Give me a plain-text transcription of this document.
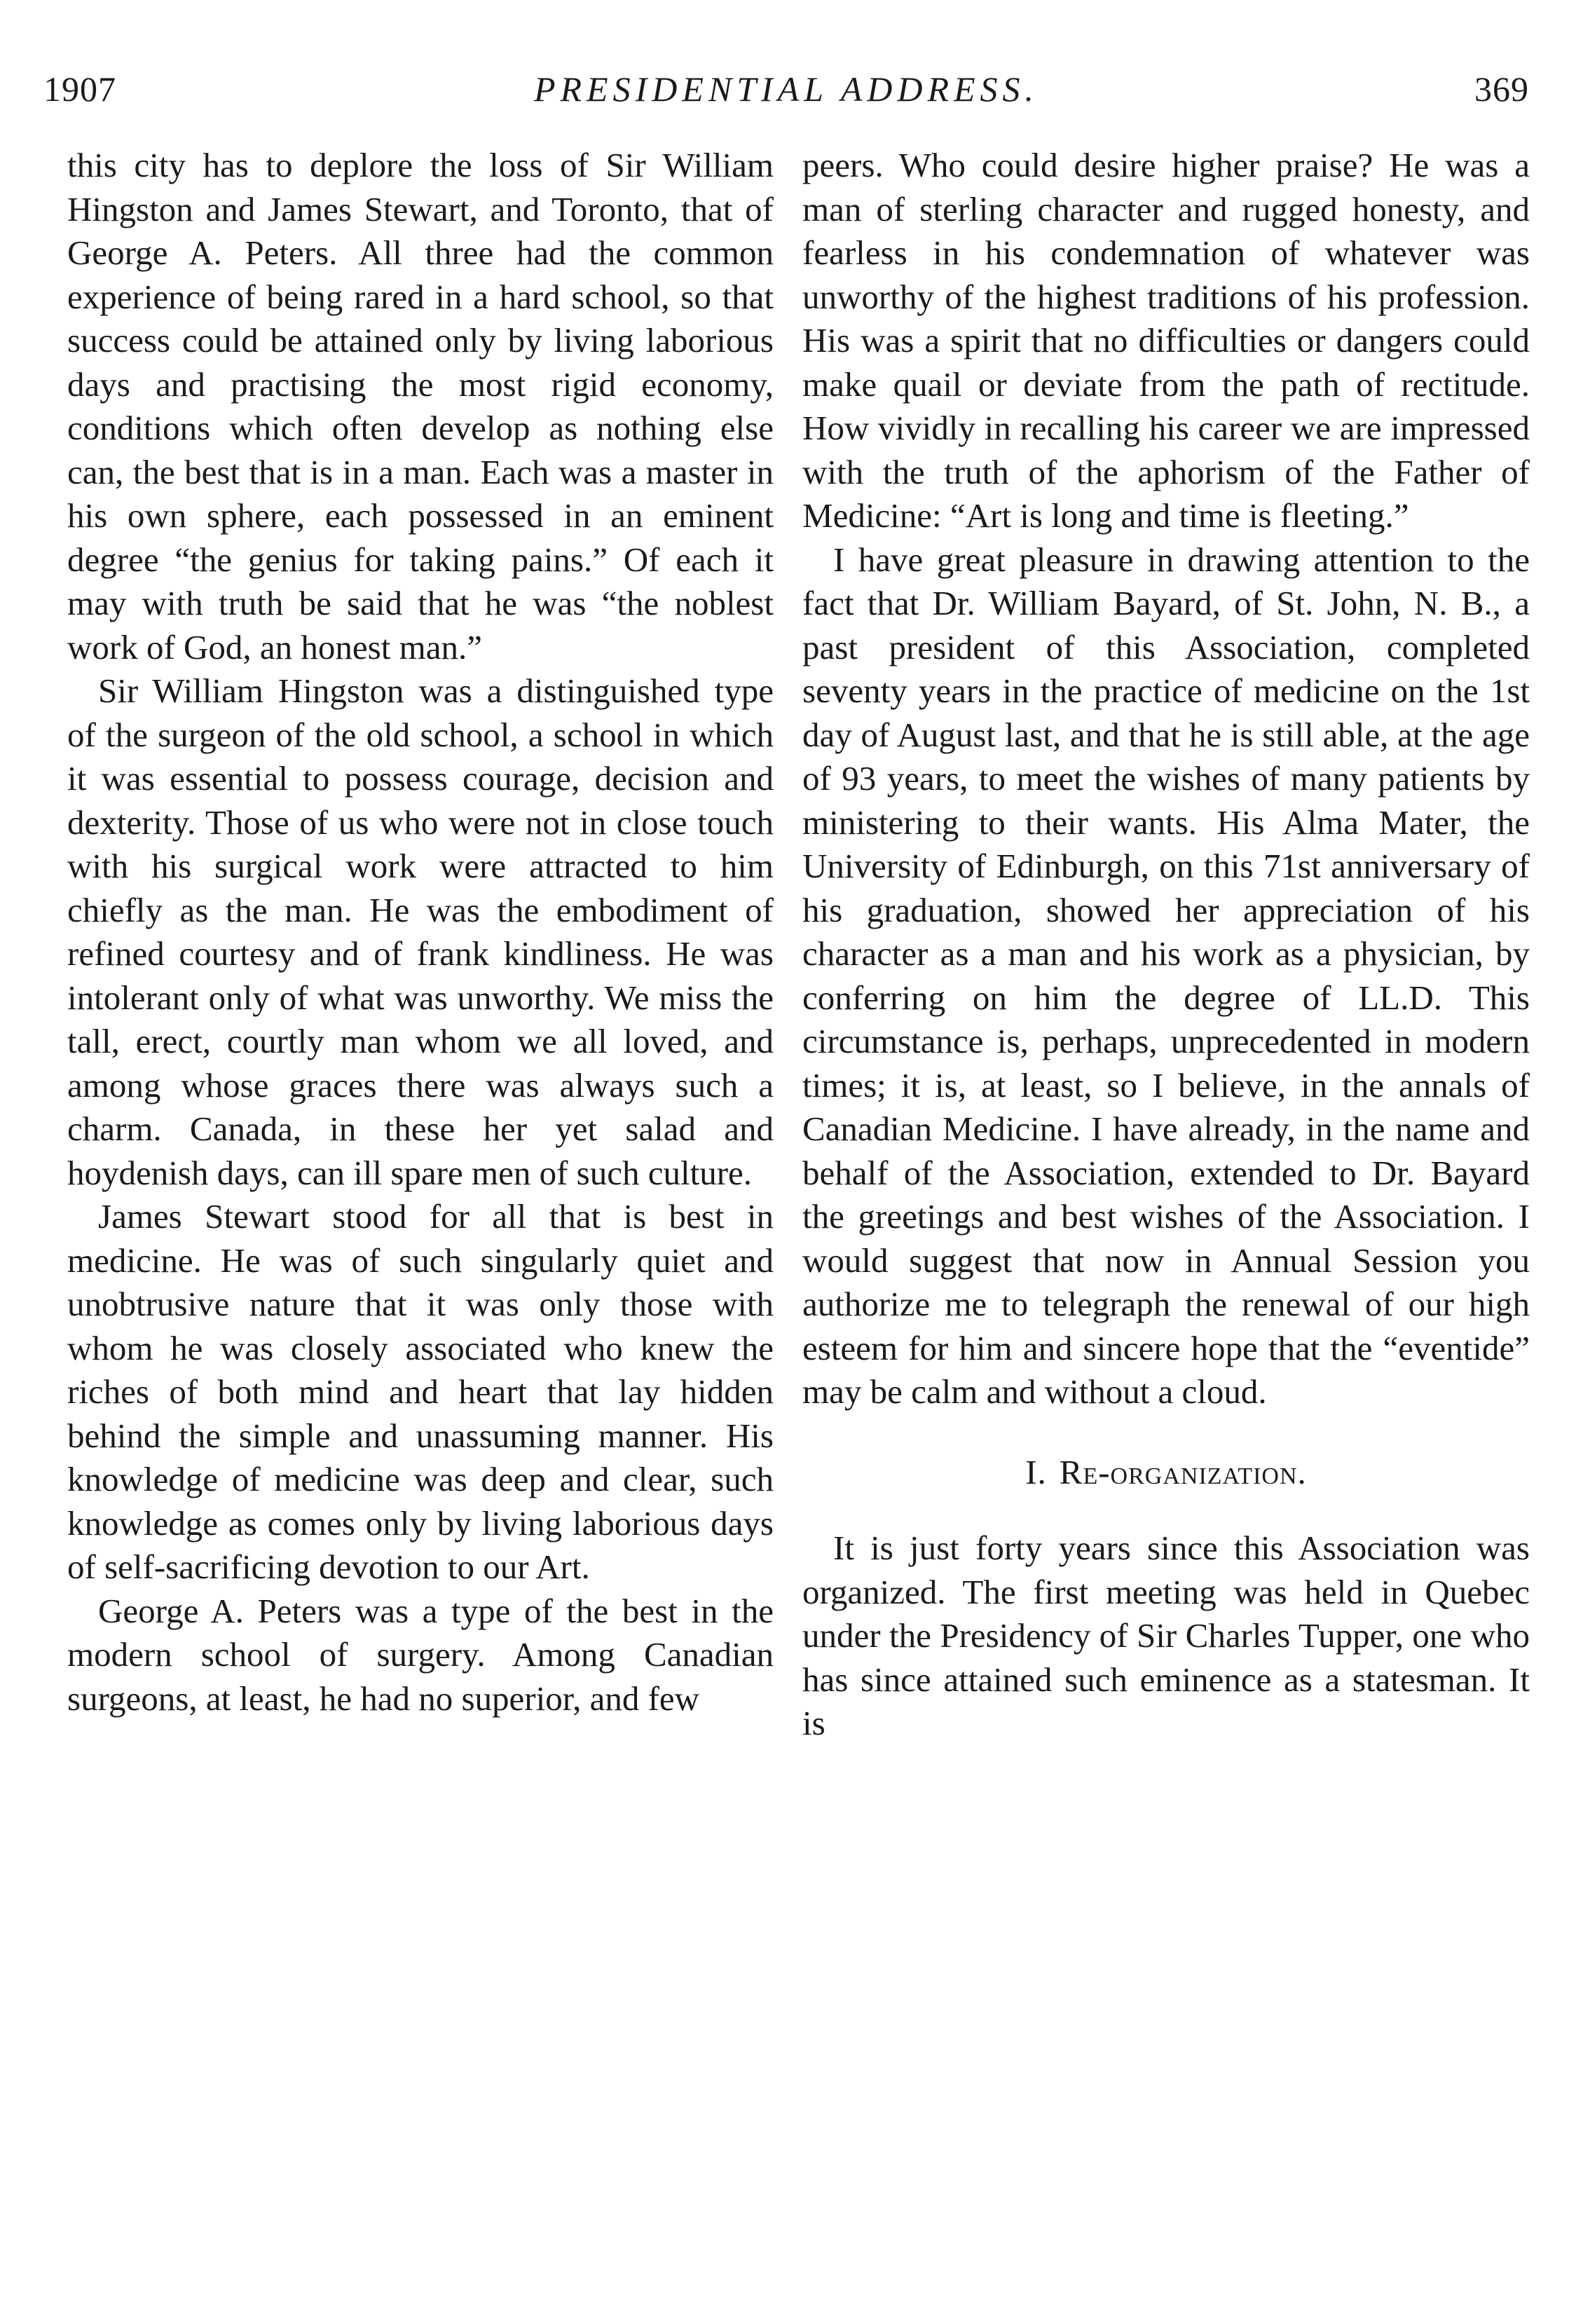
1907	PRESIDENTIAL ADDRESS.	369

this city has to deplore the loss of Sir William Hingston and James Stewart, and Toronto, that of George A. Peters. All three had the common experience of being rared in a hard school, so that success could be attained only by living laborious days and practising the most rigid economy, conditions which often develop as nothing else can, the best that is in a man. Each was a master in his own sphere, each possessed in an eminent degree “the genius for taking pains.” Of each it may with truth be said that he was “the noblest work of God, an honest man.”

Sir William Hingston was a distinguished type of the surgeon of the old school, a school in which it was essential to possess courage, decision and dexterity. Those of us who were not in close touch with his surgical work were attracted to him chiefly as the man. He was the embodiment of refined courtesy and of frank kindliness. He was intolerant only of what was unworthy. We miss the tall, erect, courtly man whom we all loved, and among whose graces there was always such a charm. Canada, in these her yet salad and hoydenish days, can ill spare men of such culture.

James Stewart stood for all that is best in medicine. He was of such singularly quiet and unobtrusive nature that it was only those with whom he was closely associated who knew the riches of both mind and heart that lay hidden behind the simple and unassuming manner. His knowledge of medicine was deep and clear, such knowledge as comes only by living laborious days of self-sacrificing devotion to our Art.

George A. Peters was a type of the best in the modern school of surgery. Among Canadian surgeons, at least, he had no superior, and few

peers. Who could desire higher praise? He was a man of sterling character and rugged honesty, and fearless in his condemnation of whatever was unworthy of the highest traditions of his profession. His was a spirit that no difficulties or dangers could make quail or deviate from the path of rectitude. How vividly in recalling his career we are impressed with the truth of the aphorism of the Father of Medicine: “Art is long and time is fleeting.”

I have great pleasure in drawing attention to the fact that Dr. William Bayard, of St. John, N. B., a past president of this Association, completed seventy years in the practice of medicine on the 1st day of August last, and that he is still able, at the age of 93 years, to meet the wishes of many patients by ministering to their wants. His Alma Mater, the University of Edinburgh, on this 71st anniversary of his graduation, showed her appreciation of his character as a man and his work as a physician, by conferring on him the degree of LL.D. This circumstance is, perhaps, unprecedented in modern times; it is, at least, so I believe, in the annals of Canadian Medicine. I have already, in the name and behalf of the Association, extended to Dr. Bayard the greetings and best wishes of the Association. I would suggest that now in Annual Session you authorize me to telegraph the renewal of our high esteem for him and sincere hope that the “eventide” may be calm and without a cloud.

I. Re-organization.

It is just forty years since this Association was organized. The first meeting was held in Quebec under the Presidency of Sir Charles Tupper, one who has since attained such eminence as a statesman. It is
